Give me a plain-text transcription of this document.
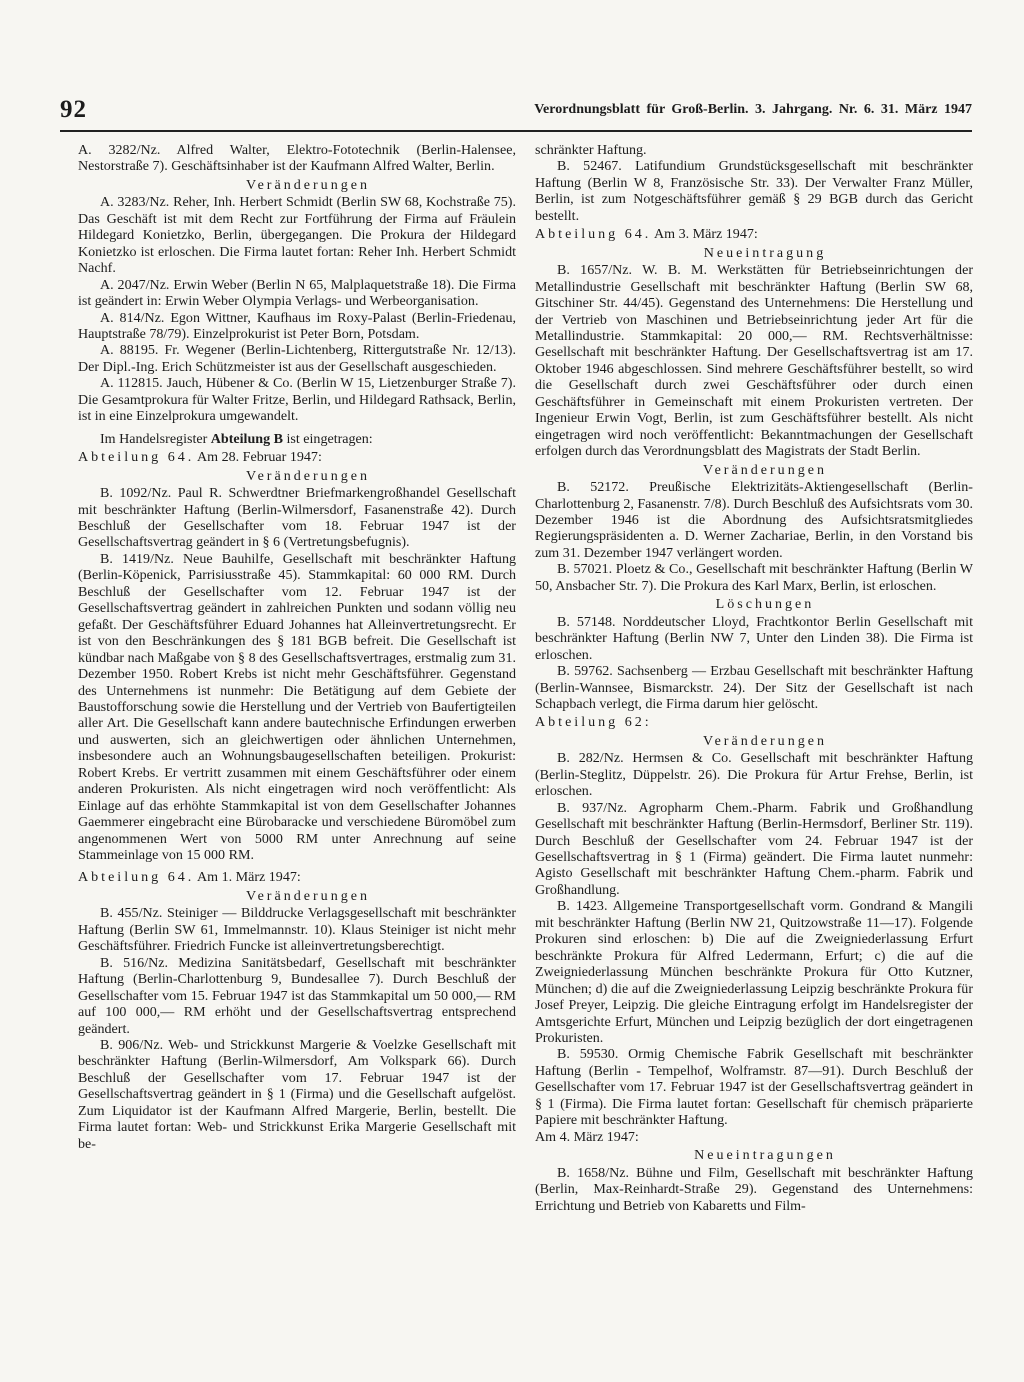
92	Verordnungsblatt für Groß-Berlin. 3. Jahrgang. Nr. 6. 31. März 1947

A. 3282/Nz. Alfred Walter, Elektro-Fototechnik (Berlin-Halensee, Nestorstraße 7). Geschäftsinhaber ist der Kaufmann Alfred Walter, Berlin.

Veränderungen

A. 3283/Nz. Reher, Inh. Herbert Schmidt (Berlin SW 68, Kochstraße 75). Das Geschäft ist mit dem Recht zur Fortführung der Firma auf Fräulein Hildegard Konietzko, Berlin, übergegangen. Die Prokura der Hildegard Konietzko ist erloschen. Die Firma lautet fortan: Reher Inh. Herbert Schmidt Nachf.

A. 2047/Nz. Erwin Weber (Berlin N 65, Malplaquetstraße 18). Die Firma ist geändert in: Erwin Weber Olympia Verlags- und Werbeorganisation.

A. 814/Nz. Egon Wittner, Kaufhaus im Roxy-Palast (Berlin-Friedenau, Hauptstraße 78/79). Einzelprokurist ist Peter Born, Potsdam.

A. 88195. Fr. Wegener (Berlin-Lichtenberg, Rittergutstraße Nr. 12/13). Der Dipl.-Ing. Erich Schützmeister ist aus der Gesellschaft ausgeschieden.

A. 112815. Jauch, Hübener & Co. (Berlin W 15, Lietzenburger Straße 7). Die Gesamtprokura für Walter Fritze, Berlin, und Hildegard Rathsack, Berlin, ist in eine Einzelprokura umgewandelt.

Im Handelsregister Abteilung B ist eingetragen:

Abteilung 64. Am 28. Februar 1947:

Veränderungen

B. 1092/Nz. Paul R. Schwerdtner Briefmarkengroßhandel Gesellschaft mit beschränkter Haftung (Berlin-Wilmersdorf, Fasanenstraße 42). Durch Beschluß der Gesellschafter vom 18. Februar 1947 ist der Gesellschaftsvertrag geändert in § 6 (Vertretungsbefugnis).

B. 1419/Nz. Neue Bauhilfe, Gesellschaft mit beschränkter Haftung (Berlin-Köpenick, Parrisiusstraße 45). Stammkapital: 60 000 RM. Durch Beschluß der Gesellschafter vom 12. Februar 1947 ist der Gesellschaftsvertrag geändert in zahlreichen Punkten und sodann völlig neu gefaßt. Der Geschäftsführer Eduard Johannes hat Alleinvertretungsrecht. Er ist von den Beschränkungen des § 181 BGB befreit. Die Gesellschaft ist kündbar nach Maßgabe von § 8 des Gesellschaftsvertrages, erstmalig zum 31. Dezember 1950. Robert Krebs ist nicht mehr Geschäftsführer. Gegenstand des Unternehmens ist nunmehr: Die Betätigung auf dem Gebiete der Baustofforschung sowie die Herstellung und der Vertrieb von Baufertigteilen aller Art. Die Gesellschaft kann andere bautechnische Erfindungen erwerben und auswerten, sich an gleichwertigen oder ähnlichen Unternehmen, insbesondere auch an Wohnungsbaugesellschaften beteiligen. Prokurist: Robert Krebs. Er vertritt zusammen mit einem Geschäftsführer oder einem anderen Prokuristen. Als nicht eingetragen wird noch veröffentlicht: Als Einlage auf das erhöhte Stammkapital ist von dem Gesellschafter Johannes Gaemmerer eingebracht eine Bürobaracke und verschiedene Büromöbel zum angenommenen Wert von 5000 RM unter Anrechnung auf seine Stammeinlage von 15 000 RM.

Abteilung 64. Am 1. März 1947:

Veränderungen

B. 455/Nz. Steiniger — Bilddrucke Verlagsgesellschaft mit beschränkter Haftung (Berlin SW 61, Immelmannstr. 10). Klaus Steiniger ist nicht mehr Geschäftsführer. Friedrich Funcke ist alleinvertretungsberechtigt.

B. 516/Nz. Medizina Sanitätsbedarf, Gesellschaft mit beschränkter Haftung (Berlin-Charlottenburg 9, Bundesallee 7). Durch Beschluß der Gesellschafter vom 15. Februar 1947 ist das Stammkapital um 50 000,— RM auf 100 000,— RM erhöht und der Gesellschaftsvertrag entsprechend geändert.

B. 906/Nz. Web- und Strickkunst Margerie & Voelzke Gesellschaft mit beschränkter Haftung (Berlin-Wilmersdorf, Am Volkspark 66). Durch Beschluß der Gesellschafter vom 17. Februar 1947 ist der Gesellschaftsvertrag geändert in § 1 (Firma) und die Gesellschaft aufgelöst. Zum Liquidator ist der Kaufmann Alfred Margerie, Berlin, bestellt. Die Firma lautet fortan: Web- und Strickkunst Erika Margerie Gesellschaft mit be-

schränkter Haftung.

B. 52467. Latifundium Grundstücksgesellschaft mit beschränkter Haftung (Berlin W 8, Französische Str. 33). Der Verwalter Franz Müller, Berlin, ist zum Notgeschäftsführer gemäß § 29 BGB durch das Gericht bestellt.

Abteilung 64. Am 3. März 1947:

Neueintragung

B. 1657/Nz. W. B. M. Werkstätten für Betriebseinrichtungen der Metallindustrie Gesellschaft mit beschränkter Haftung (Berlin SW 68, Gitschiner Str. 44/45). Gegenstand des Unternehmens: Die Herstellung und der Vertrieb von Maschinen und Betriebseinrichtung jeder Art für die Metallindustrie. Stammkapital: 20 000,— RM. Rechtsverhältnisse: Gesellschaft mit beschränkter Haftung. Der Gesellschaftsvertrag ist am 17. Oktober 1946 abgeschlossen. Sind mehrere Geschäftsführer bestellt, so wird die Gesellschaft durch zwei Geschäftsführer oder durch einen Geschäftsführer in Gemeinschaft mit einem Prokuristen vertreten. Der Ingenieur Erwin Vogt, Berlin, ist zum Geschäftsführer bestellt. Als nicht eingetragen wird noch veröffentlicht: Bekanntmachungen der Gesellschaft erfolgen durch das Verordnungsblatt des Magistrats der Stadt Berlin.

Veränderungen

B. 52172. Preußische Elektrizitäts-Aktiengesellschaft (Berlin-Charlottenburg 2, Fasanenstr. 7/8). Durch Beschluß des Aufsichtsrats vom 30. Dezember 1946 ist die Abordnung des Aufsichtsratsmitgliedes Regierungspräsidenten a. D. Werner Zachariae, Berlin, in den Vorstand bis zum 31. Dezember 1947 verlängert worden.

B. 57021. Ploetz & Co., Gesellschaft mit beschränkter Haftung (Berlin W 50, Ansbacher Str. 7). Die Prokura des Karl Marx, Berlin, ist erloschen.

Löschungen

B. 57148. Norddeutscher Lloyd, Frachtkontor Berlin Gesellschaft mit beschränkter Haftung (Berlin NW 7, Unter den Linden 38). Die Firma ist erloschen.

B. 59762. Sachsenberg — Erzbau Gesellschaft mit beschränkter Haftung (Berlin-Wannsee, Bismarckstr. 24). Der Sitz der Gesellschaft ist nach Schapbach verlegt, die Firma darum hier gelöscht.

Abteilung 62:

Veränderungen

B. 282/Nz. Hermsen & Co. Gesellschaft mit beschränkter Haftung (Berlin-Steglitz, Düppelstr. 26). Die Prokura für Artur Frehse, Berlin, ist erloschen.

B. 937/Nz. Agropharm Chem.-Pharm. Fabrik und Großhandlung Gesellschaft mit beschränkter Haftung (Berlin-Hermsdorf, Berliner Str. 119). Durch Beschluß der Gesellschafter vom 24. Februar 1947 ist der Gesellschaftsvertrag in § 1 (Firma) geändert. Die Firma lautet nunmehr: Agisto Gesellschaft mit beschränkter Haftung Chem.-pharm. Fabrik und Großhandlung.

B. 1423. Allgemeine Transportgesellschaft vorm. Gondrand & Mangili mit beschränkter Haftung (Berlin NW 21, Quitzowstraße 11—17). Folgende Prokuren sind erloschen: b) Die auf die Zweigniederlassung Erfurt beschränkte Prokura für Alfred Ledermann, Erfurt; c) die auf die Zweigniederlassung München beschränkte Prokura für Otto Kutzner, München; d) die auf die Zweigniederlassung Leipzig beschränkte Prokura für Josef Preyer, Leipzig. Die gleiche Eintragung erfolgt im Handelsregister der Amtsgerichte Erfurt, München und Leipzig bezüglich der dort eingetragenen Prokuristen.

B. 59530. Ormig Chemische Fabrik Gesellschaft mit beschränkter Haftung (Berlin - Tempelhof, Wolframstr. 87—91). Durch Beschluß der Gesellschafter vom 17. Februar 1947 ist der Gesellschaftsvertrag geändert in § 1 (Firma). Die Firma lautet fortan: Gesellschaft für chemisch präparierte Papiere mit beschränkter Haftung.

Am 4. März 1947:

Neueintragungen

B. 1658/Nz. Bühne und Film, Gesellschaft mit beschränkter Haftung (Berlin, Max-Reinhardt-Straße 29). Gegenstand des Unternehmens: Errichtung und Betrieb von Kabaretts und Film-
